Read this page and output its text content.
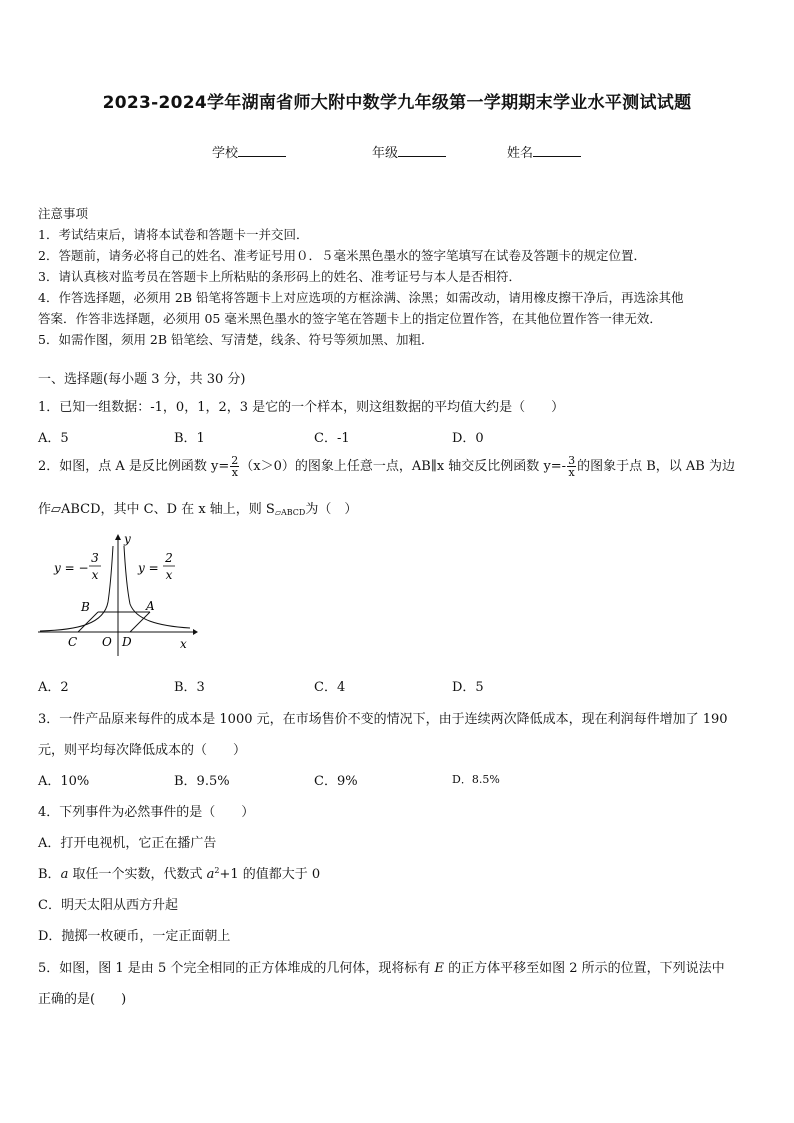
2023-2024学年湖南省师大附中数学九年级第一学期期末学业水平测试试题
学校	年级	姓名
注意事项
1．考试结束后，请将本试卷和答题卡一并交回．
2．答题前，请务必将自己的姓名、准考证号用０．５毫米黑色墨水的签字笔填写在试卷及答题卡的规定位置．
3．请认真核对监考员在答题卡上所粘贴的条形码上的姓名、准考证号与本人是否相符．
4．作答选择题，必须用 2B 铅笔将答题卡上对应选项的方框涂满、涂黑；如需改动，请用橡皮擦干净后，再选涂其他
答案．作答非选择题，必须用 05 毫米黑色墨水的签字笔在答题卡上的指定位置作答，在其他位置作答一律无效．
5．如需作图，须用 2B 铅笔绘、写清楚，线条、符号等须加黑、加粗．
一、选择题(每小题 3 分，共 30 分)
1．已知一组数据：-1，0，1，2，3 是它的一个样本，则这组数据的平均值大约是（　　）
A．5	B．1	C．-1	D．0
2．如图，点 A 是反比例函数 $y= \frac{2}{x} (x>0)$的图象上任意一点，AB∥x 轴交反比例函数 $y=- \frac{3}{x}$ 的图象于点 B，以 AB 为边
作▱ABCD，其中 C、D 在 x 轴上，则 $S_{▱ABCD}$为（　）
A．2	B．3	C．4	D．5
3．一件产品原来每件的成本是 1000 元，在市场售价不变的情况下，由于连续两次降低成本，现在利润每件增加了 190
元，则平均每次降低成本的（　　）
A．10%	B．9.5%	C．9%	D．8.5%
4．下列事件为必然事件的是（　　）
A．打开电视机，它正在播广告
B．a 取任一个实数，代数式 $a^2+1$ 的值都大于 0
C．明天太阳从西方升起
D．抛掷一枚硬币，一定正面朝上
5．如图，图 1 是由 5 个完全相同的正方体堆成的几何体，现将标有 E 的正方体平移至如图 2 所示的位置，下列说法中
正确的是(　　)
y = −
3
x	y =
2
x
y
x
A
B
C O D
